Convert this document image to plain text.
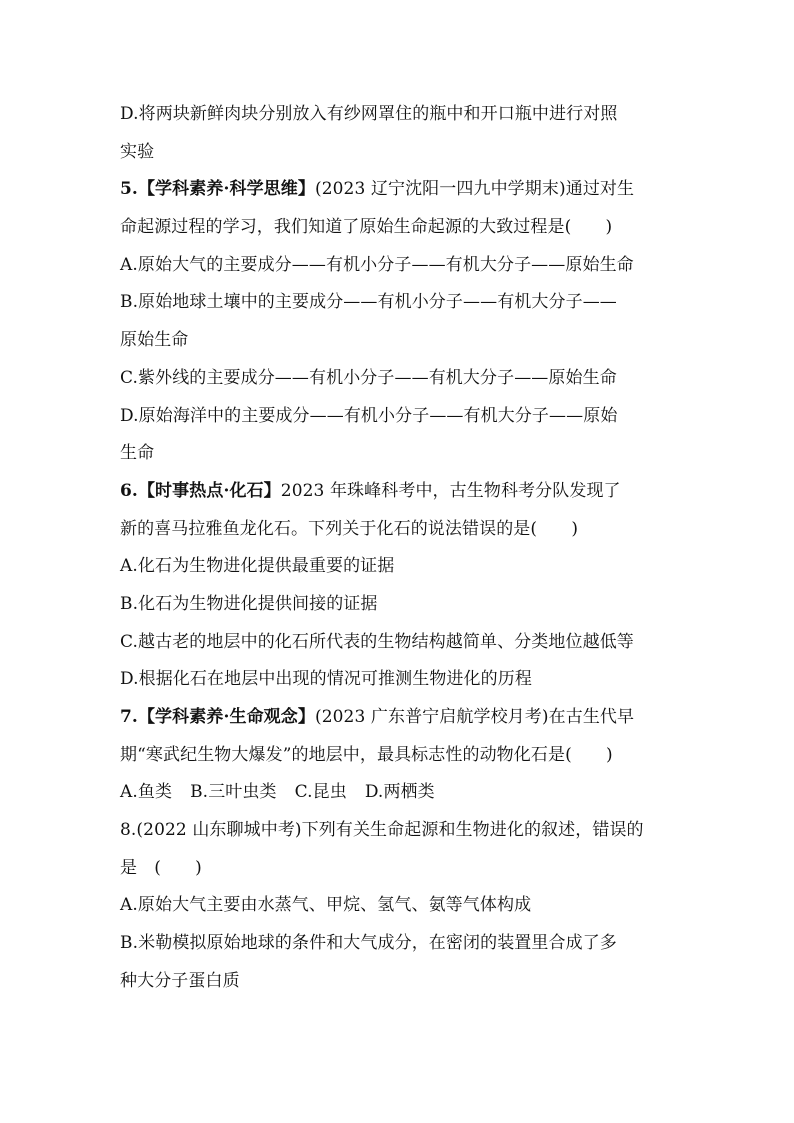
D.将两块新鲜肉块分别放入有纱网罩住的瓶中和开口瓶中进行对照
实验
5.【学科素养·科学思维】(2023 辽宁沈阳一四九中学期末)通过对生
命起源过程的学习，我们知道了原始生命起源的大致过程是(　　)
A.原始大气的主要成分——有机小分子——有机大分子——原始生命
B.原始地球土壤中的主要成分——有机小分子——有机大分子——
原始生命
C.紫外线的主要成分——有机小分子——有机大分子——原始生命
D.原始海洋中的主要成分——有机小分子——有机大分子——原始
生命
6.【时事热点·化石】2023 年珠峰科考中，古生物科考分队发现了
新的喜马拉雅鱼龙化石。下列关于化石的说法错误的是(　　)
A.化石为生物进化提供最重要的证据
B.化石为生物进化提供间接的证据
C.越古老的地层中的化石所代表的生物结构越简单、分类地位越低等
D.根据化石在地层中出现的情况可推测生物进化的历程
7.【学科素养·生命观念】(2023 广东普宁启航学校月考)在古生代早
期“寒武纪生物大爆发”的地层中，最具标志性的动物化石是(　　)
A.鱼类 B.三叶虫类 C.昆虫 D.两栖类
8.(2022 山东聊城中考)下列有关生命起源和生物进化的叙述，错误的
是　(　　)
A.原始大气主要由水蒸气、甲烷、氢气、氨等气体构成
B.米勒模拟原始地球的条件和大气成分，在密闭的装置里合成了多
种大分子蛋白质
